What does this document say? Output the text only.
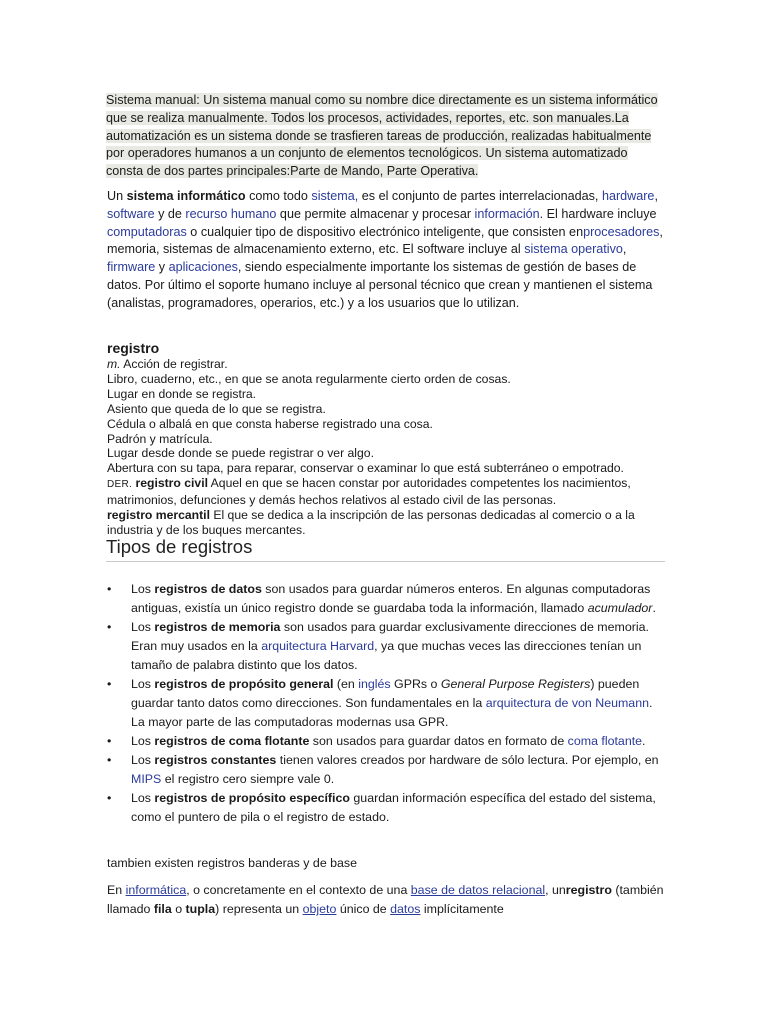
Sistema manual: Un sistema manual como su nombre dice directamente es un sistema informático que se realiza manualmente. Todos los procesos, actividades, reportes, etc. son manuales.La automatización es un sistema donde se trasfieren tareas de producción, realizadas habitualmente por operadores humanos a un conjunto de elementos tecnológicos. Un sistema automatizado consta de dos partes principales:Parte de Mando, Parte Operativa.
Un sistema informático como todo sistema, es el conjunto de partes interrelacionadas, hardware, software y de recurso humano que permite almacenar y procesar información. El hardware incluye computadoras o cualquier tipo de dispositivo electrónico inteligente, que consisten enprocesadores, memoria, sistemas de almacenamiento externo, etc. El software incluye al sistema operativo, firmware y aplicaciones, siendo especialmente importante los sistemas de gestión de bases de datos. Por último el soporte humano incluye al personal técnico que crean y mantienen el sistema (analistas, programadores, operarios, etc.) y a los usuarios que lo utilizan.
registro
m. Acción de registrar.
Libro, cuaderno, etc., en que se anota regularmente cierto orden de cosas.
Lugar en donde se registra.
Asiento que queda de lo que se registra.
Cédula o albalá en que consta haberse registrado una cosa.
Padrón y matrícula.
Lugar desde donde se puede registrar o ver algo.
Abertura con su tapa, para reparar, conservar o examinar lo que está subterráneo o empotrado.
DER. registro civil Aquel en que se hacen constar por autoridades competentes los nacimientos, matrimonios, defunciones y demás hechos relativos al estado civil de las personas.
registro mercantil El que se dedica a la inscripción de las personas dedicadas al comercio o a la industria y de los buques mercantes.
Tipos de registros
• Los registros de datos son usados para guardar números enteros. En algunas computadoras antiguas, existía un único registro donde se guardaba toda la información, llamado acumulador.
• Los registros de memoria son usados para guardar exclusivamente direcciones de memoria. Eran muy usados en la arquitectura Harvard, ya que muchas veces las direcciones tenían un tamaño de palabra distinto que los datos.
• Los registros de propósito general (en inglés GPRs o General Purpose Registers) pueden guardar tanto datos como direcciones. Son fundamentales en la arquitectura de von Neumann. La mayor parte de las computadoras modernas usa GPR.
• Los registros de coma flotante son usados para guardar datos en formato de coma flotante.
• Los registros constantes tienen valores creados por hardware de sólo lectura. Por ejemplo, en MIPS el registro cero siempre vale 0.
• Los registros de propósito específico guardan información específica del estado del sistema, como el puntero de pila o el registro de estado.
tambien existen registros banderas y de base
En informática, o concretamente en el contexto de una base de datos relacional, unregistro (también llamado fila o tupla) representa un objeto único de datos implícitamente
